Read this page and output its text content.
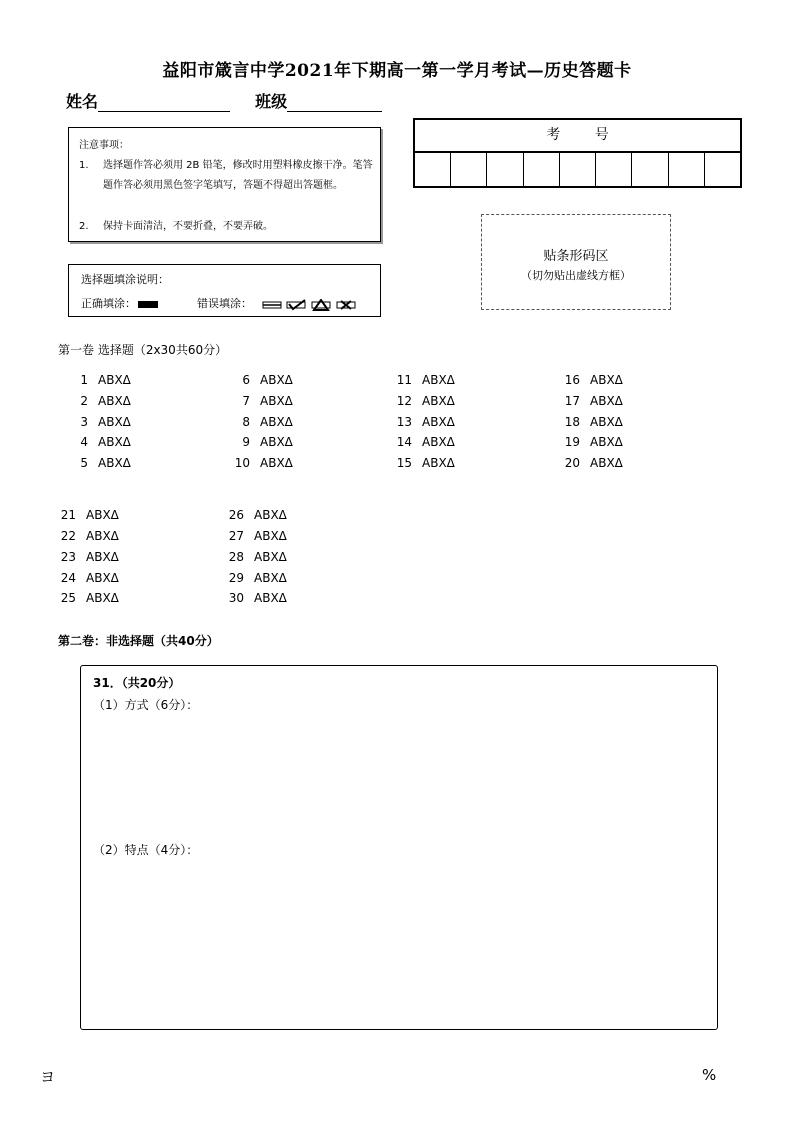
益阳市箴言中学2021年下期高一第一学月考试—历史答题卡
姓名	班级
注意事项：
1. 选择题作答必须用 2B 铅笔，修改时用塑料橡皮擦干净。笔答题作答必须用黑色签字笔填写，答题不得超出答题框。
2. 保持卡面清洁，不要折叠，不要弄破。
选择题填涂说明：
正确填涂：	错误填涂：
考 号
贴条形码区
（切勿贴出虚线方框）
第一卷 选择题（2x30共60分）
1 ABXΔ
2 ABXΔ
3 ABXΔ
4 ABXΔ
5 ABXΔ
6 ABXΔ
7 ABXΔ
8 ABXΔ
9 ABXΔ
10 ABXΔ
11 ABXΔ
12 ABXΔ
13 ABXΔ
14 ABXΔ
15 ABXΔ
16 ABXΔ
17 ABXΔ
18 ABXΔ
19 ABXΔ
20 ABXΔ
21 ABXΔ
22 ABXΔ
23 ABXΔ
24 ABXΔ
25 ABXΔ
26 ABXΔ
27 ABXΔ
28 ABXΔ
29 ABXΔ
30 ABXΔ
第二卷：非选择题（共40分）
31．（共20分）
（1）方式（6分）：
（2）特点（4分）：
ヨ	%
